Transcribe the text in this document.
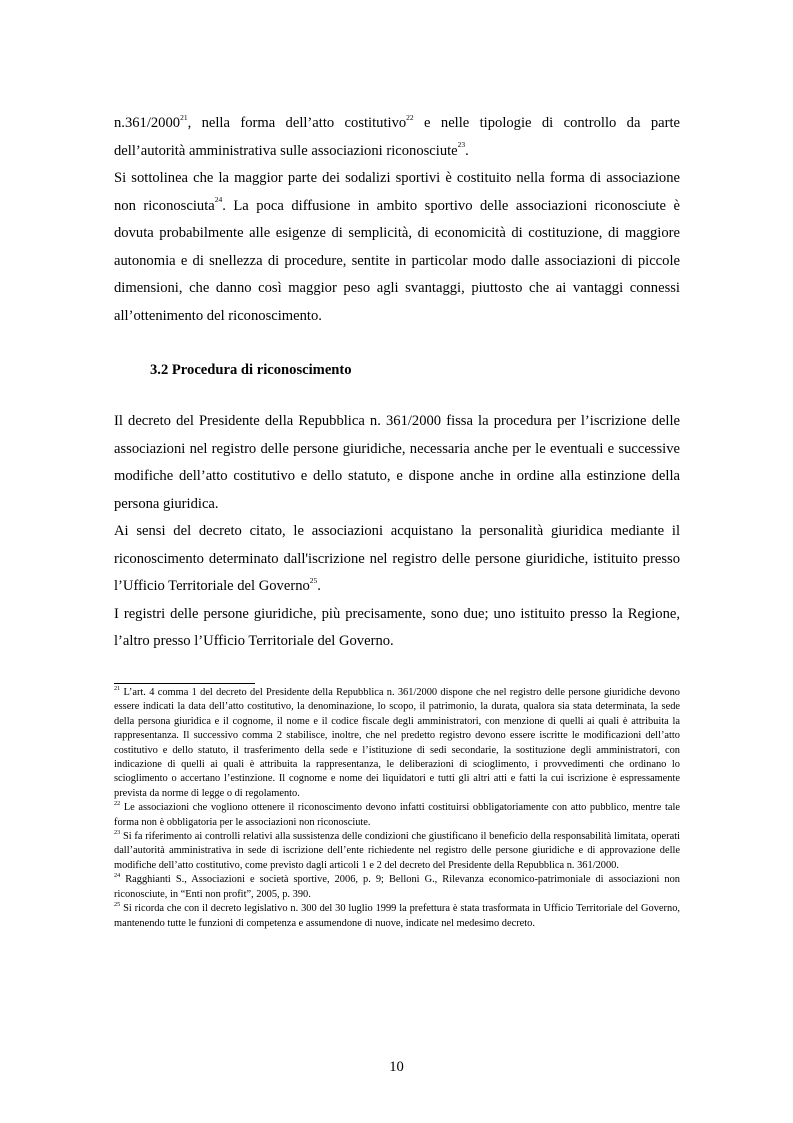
n.361/2000$^{21}$, nella forma dell’atto costitutivo$^{22}$ e nelle tipologie di controllo da parte dell’autorità amministrativa sulle associazioni riconosciute$^{23}$.

Si sottolinea che la maggior parte dei sodalizi sportivi è costituito nella forma di associazione non riconosciuta$^{24}$. La poca diffusione in ambito sportivo delle associazioni riconosciute è dovuta probabilmente alle esigenze di semplicità, di economicità di costituzione, di maggiore autonomia e di snellezza di procedure, sentite in particolar modo dalle associazioni di piccole dimensioni, che danno così maggior peso agli svantaggi, piuttosto che ai vantaggi connessi all’ottenimento del riconoscimento.

3.2 Procedura di riconoscimento

Il decreto del Presidente della Repubblica n. 361/2000 fissa la procedura per l’iscrizione delle associazioni nel registro delle persone giuridiche, necessaria anche per le eventuali e successive modifiche dell’atto costitutivo e dello statuto, e dispone anche in ordine alla estinzione della persona giuridica.

Ai sensi del decreto citato, le associazioni acquistano la personalità giuridica mediante il riconoscimento determinato dall'iscrizione nel registro delle persone giuridiche, istituito presso l’Ufficio Territoriale del Governo$^{25}$.

I registri delle persone giuridiche, più precisamente, sono due; uno istituito presso la Regione, l’altro presso l’Ufficio Territoriale del Governo.

$^{21}$ L’art. 4 comma 1 del decreto del Presidente della Repubblica n. 361/2000 dispone che nel registro delle persone giuridiche devono essere indicati la data dell’atto costitutivo, la denominazione, lo scopo, il patrimonio, la durata, qualora sia stata determinata, la sede della persona giuridica e il cognome, il nome e il codice fiscale degli amministratori, con menzione di quelli ai quali è attribuita la rappresentanza. Il successivo comma 2 stabilisce, inoltre, che nel predetto registro devono essere iscritte le modificazioni dell’atto costitutivo e dello statuto, il trasferimento della sede e l’istituzione di sedi secondarie, la sostituzione degli amministratori, con indicazione di quelli ai quali è attribuita la rappresentanza, le deliberazioni di scioglimento, i provvedimenti che ordinano lo scioglimento o accertano l’estinzione. Il cognome e nome dei liquidatori e tutti gli altri atti e fatti la cui iscrizione è espressamente prevista da norme di legge o di regolamento.

$^{22}$ Le associazioni che vogliono ottenere il riconoscimento devono infatti costituirsi obbligatoriamente con atto pubblico, mentre tale forma non è obbligatoria per le associazioni non riconosciute.

$^{23}$ Si fa riferimento ai controlli relativi alla sussistenza delle condizioni che giustificano il beneficio della responsabilità limitata, operati dall’autorità amministrativa in sede di iscrizione dell’ente richiedente nel registro delle persone giuridiche e di approvazione delle modifiche dell’atto costitutivo, come previsto dagli articoli 1 e 2 del decreto del Presidente della Repubblica n. 361/2000.

$^{24}$ Ragghianti S., Associazioni e società sportive, 2006, p. 9; Belloni G., Rilevanza economico-patrimoniale di associazioni non riconosciute, in “Enti non profit”, 2005, p. 390.

$^{25}$ Si ricorda che con il decreto legislativo n. 300 del 30 luglio 1999 la prefettura è stata trasformata in Ufficio Territoriale del Governo, mantenendo tutte le funzioni di competenza e assumendone di nuove, indicate nel medesimo decreto.

10
